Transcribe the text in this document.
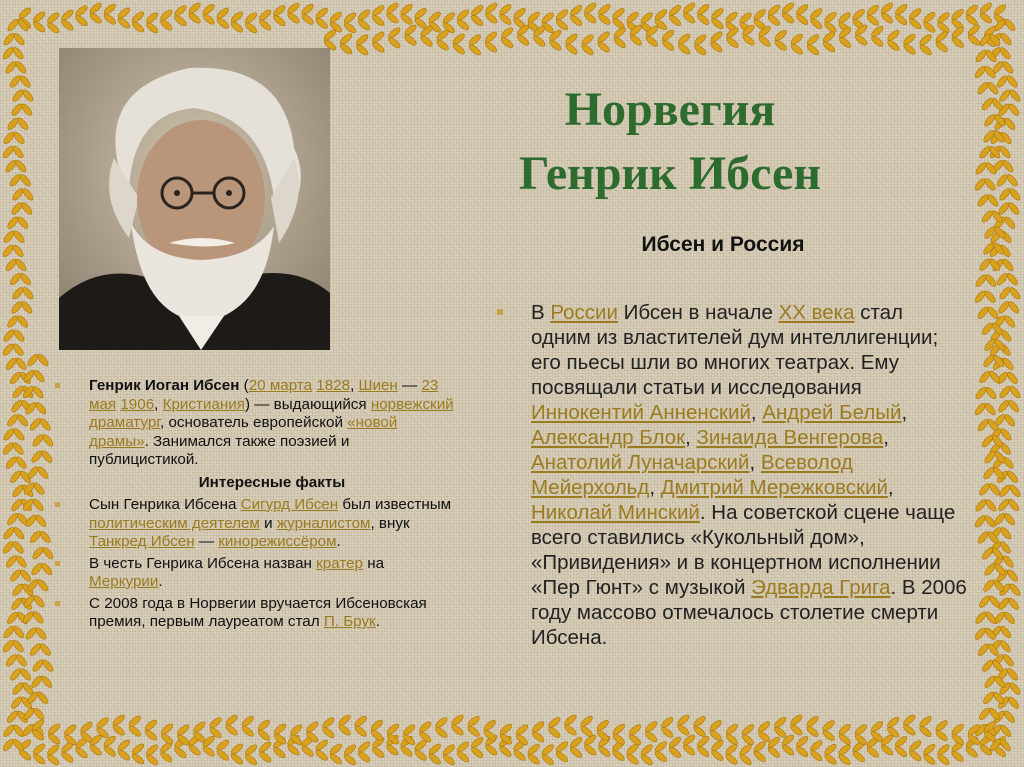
Норвегия
Генрик Ибсен
Ибсен и Россия
В России Ибсен в начале XX века стал одним из властителей дум интеллигенции; его пьесы шли во многих театрах. Ему посвящали статьи и исследования Иннокентий Анненский, Андрей Белый, Александр Блок, Зинаида Венгерова, Анатолий Луначарский, Всеволод Мейерхольд, Дмитрий Мережковский, Николай Минский. На советской сцене чаще всего ставились «Кукольный дом», «Привидения» и в концертном исполнении «Пер Гюнт» с музыкой Эдварда Грига. В 2006 году массово отмечалось столетие смерти Ибсена.
Генрик Иоган Ибсен (20 марта 1828, Шиен — 23 мая 1906, Кристиания) — выдающийся норвежский драматург, основатель европейской «новой драмы». Занимался также поэзией и публицистикой.
Интересные факты
Сын Генрика Ибсена Сигурд Ибсен был известным политическим деятелем и журналистом, внук Танкред Ибсен — кинорежиссёром.
В честь Генрика Ибсена назван кратер на Меркурии.
С 2008 года в Норвегии вручается Ибсеновская премия, первым лауреатом стал П. Брук.
